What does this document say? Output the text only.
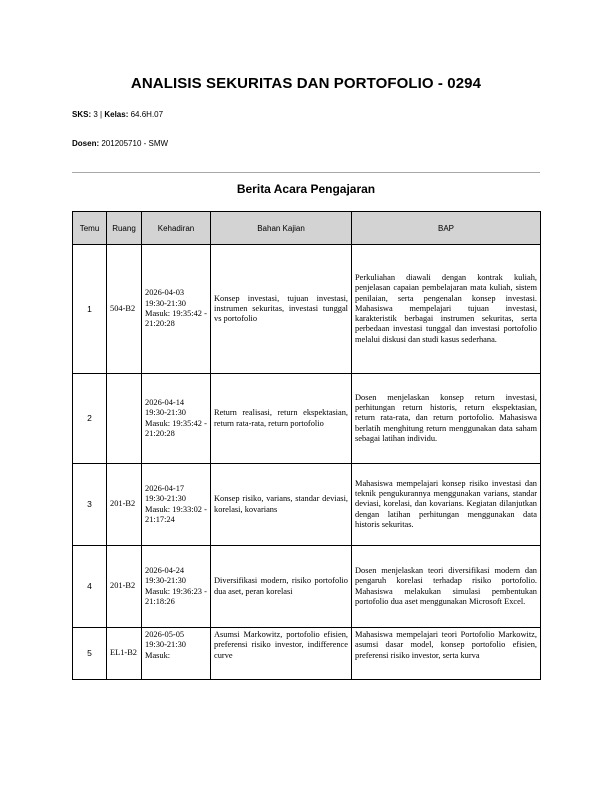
ANALISIS SEKURITAS DAN PORTOFOLIO - 0294
SKS: 3 | Kelas: 64.6H.07
Dosen: 201205710 - SMW
Berita Acara Pengajaran
Temu	Ruang	Kehadiran	Bahan Kajian	BAP
1	504-B2	2026-04-03 19:30-21:30 Masuk: 19:35:42 - 21:20:28	Konsep investasi, tujuan investasi, instrumen sekuritas, investasi tunggal vs portofolio	Perkuliahan diawali dengan kontrak kuliah, penjelasan capaian pembelajaran mata kuliah, sistem penilaian, serta pengenalan konsep investasi. Mahasiswa mempelajari tujuan investasi, karakteristik berbagai instrumen sekuritas, serta perbedaan investasi tunggal dan investasi portofolio melalui diskusi dan studi kasus sederhana.
2		2026-04-14 19:30-21:30 Masuk: 19:35:42 - 21:20:28	Return realisasi, return ekspektasian, return rata-rata, return portofolio	Dosen menjelaskan konsep return investasi, perhitungan return historis, return ekspektasian, return rata-rata, dan return portofolio. Mahasiswa berlatih menghitung return menggunakan data saham sebagai latihan individu.
3	201-B2	2026-04-17 19:30-21:30 Masuk: 19:33:02 - 21:17:24	Konsep risiko, varians, standar deviasi, korelasi, kovarians	Mahasiswa mempelajari konsep risiko investasi dan teknik pengukurannya menggunakan varians, standar deviasi, korelasi, dan kovarians. Kegiatan dilanjutkan dengan latihan perhitungan menggunakan data historis sekuritas.
4	201-B2	2026-04-24 19:30-21:30 Masuk: 19:36:23 - 21:18:26	Diversifikasi modern, risiko portofolio dua aset, peran korelasi	Dosen menjelaskan teori diversifikasi modern dan pengaruh korelasi terhadap risiko portofolio. Mahasiswa melakukan simulasi pembentukan portofolio dua aset menggunakan Microsoft Excel.
5	EL1-B2	2026-05-05 19:30-21:30 Masuk:	Asumsi Markowitz, portofolio efisien, preferensi risiko investor, indifference curve	Mahasiswa mempelajari teori Portofolio Markowitz, asumsi dasar model, konsep portofolio efisien, preferensi risiko investor, serta kurva
